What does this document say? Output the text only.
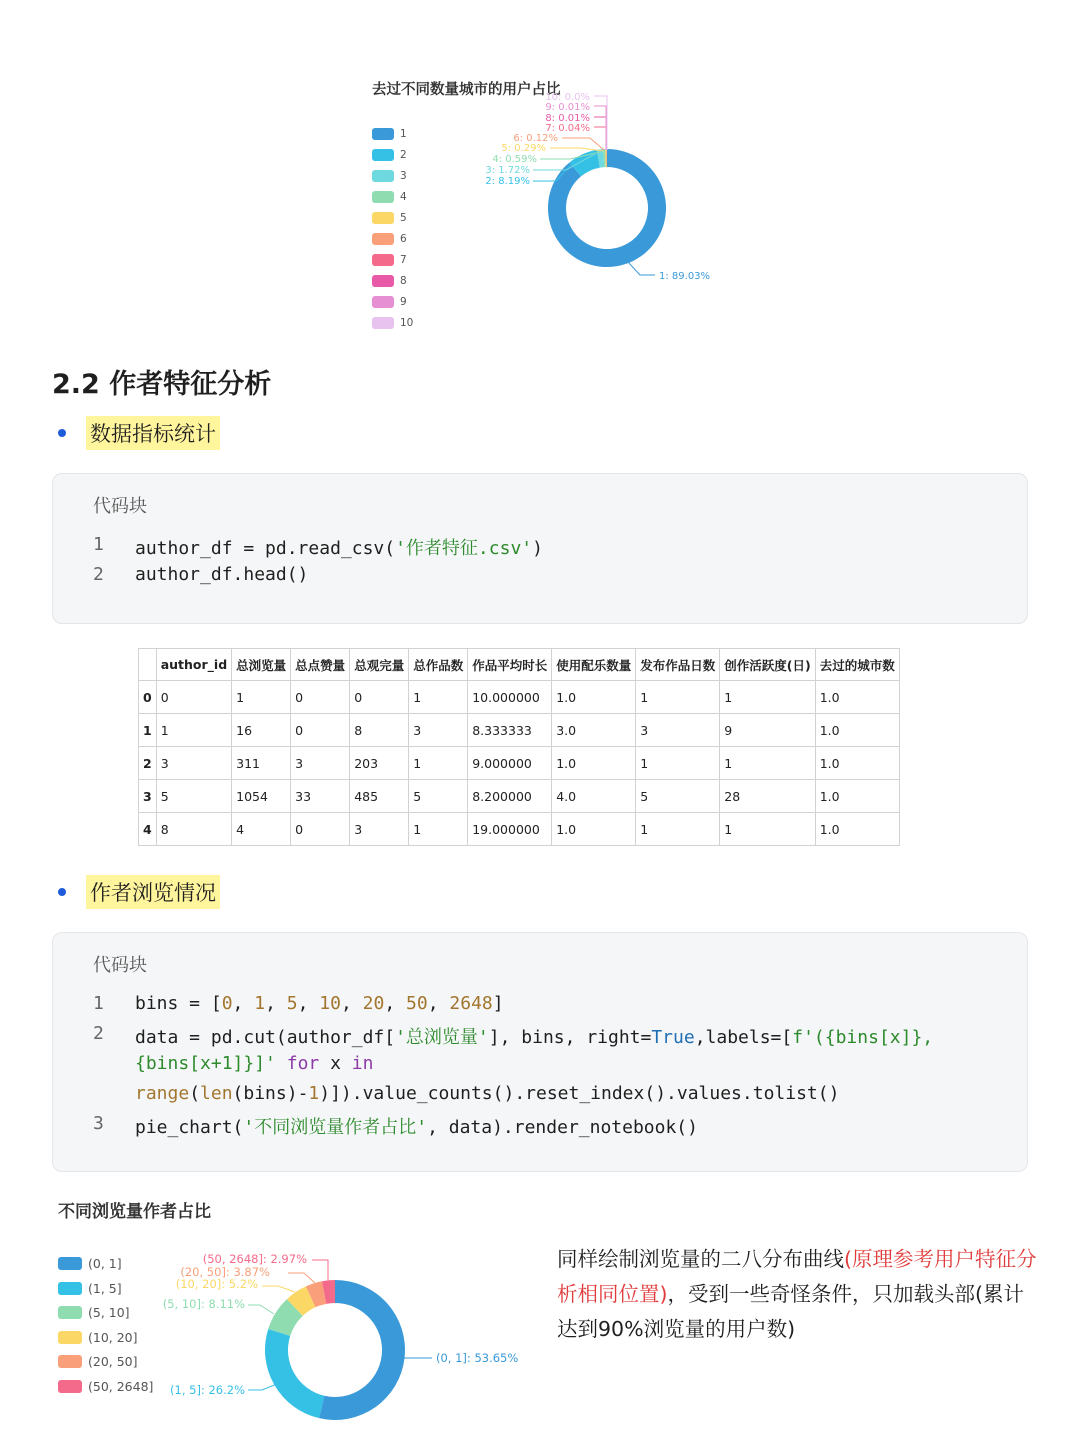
去过不同数量城市的用户占比
1
2
3
4
5
6
7
8
9
10
1: 89.03%
2: 8.19%
3: 1.72%
4: 0.59%
5: 0.29%
6: 0.12%
7: 0.04%
8: 0.01%
9: 0.01%
10: 0.0%
2.2 作者特征分析
数据指标统计
代码块
1 author_df = pd.read_csv('作者特征.csv')
2 author_df.head()
	author_id	总浏览量	总点赞量	总观完量	总作品数	作品平均时长	使用配乐数量	发布作品日数	创作活跃度(日)	去过的城市数
0	0	1	0	0	1	10.000000	1.0	1	1	1.0
1	1	16	0	8	3	8.333333	3.0	3	9	1.0
2	3	311	3	203	1	9.000000	1.0	1	1	1.0
3	5	1054	33	485	5	8.200000	4.0	5	28	1.0
4	8	4	0	3	1	19.000000	1.0	1	1	1.0
作者浏览情况
代码块
1 bins = [0, 1, 5, 10, 20, 50, 2648]
2 data = pd.cut(author_df['总浏览量'], bins, right=True,labels=[f'({bins[x]},
{bins[x+1]}]' for x in
range(len(bins)-1)]).value_counts().reset_index().values.tolist()
3 pie_chart('不同浏览量作者占比', data).render_notebook()
不同浏览量作者占比
(0, 1]
(1, 5]
(5, 10]
(10, 20]
(20, 50]
(50, 2648]
(0, 1]: 53.65%
(1, 5]: 26.2%
(5, 10]: 8.11%
(10, 20]: 5.2%
(20, 50]: 3.87%
(50, 2648]: 2.97%	同样绘制浏览量的二八分布曲线(原理参考用户特征分析相同位置)，受到一些奇怪条件，只加载头部(累计达到90%浏览量的用户数)
